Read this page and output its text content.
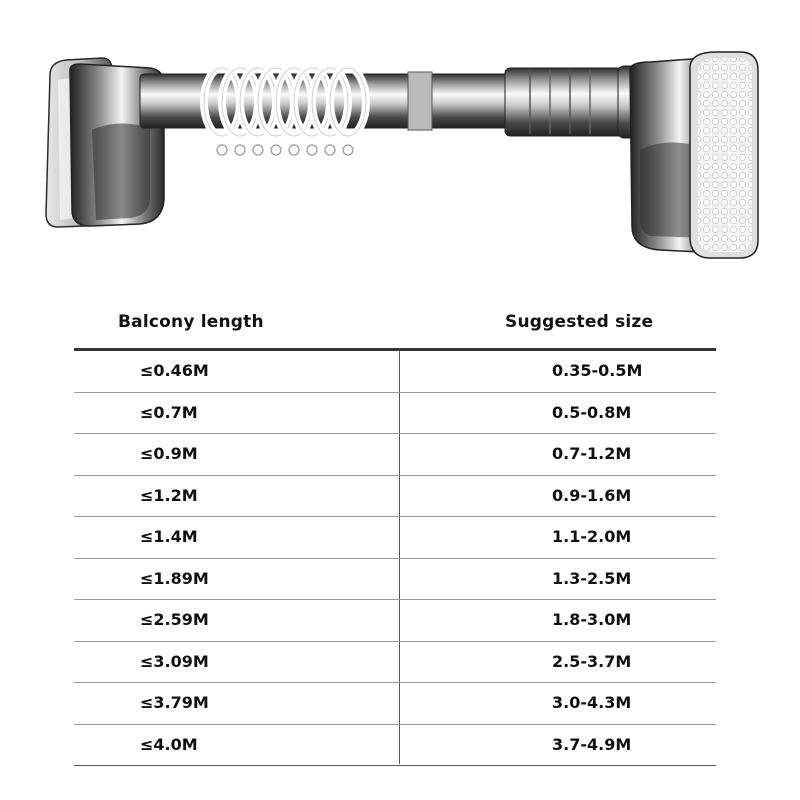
Balcony length	Suggested size
≤0.46M	0.35-0.5M
≤0.7M	0.5-0.8M
≤0.9M	0.7-1.2M
≤1.2M	0.9-1.6M
≤1.4M	1.1-2.0M
≤1.89M	1.3-2.5M
≤2.59M	1.8-3.0M
≤3.09M	2.5-3.7M
≤3.79M	3.0-4.3M
≤4.0M	3.7-4.9M
